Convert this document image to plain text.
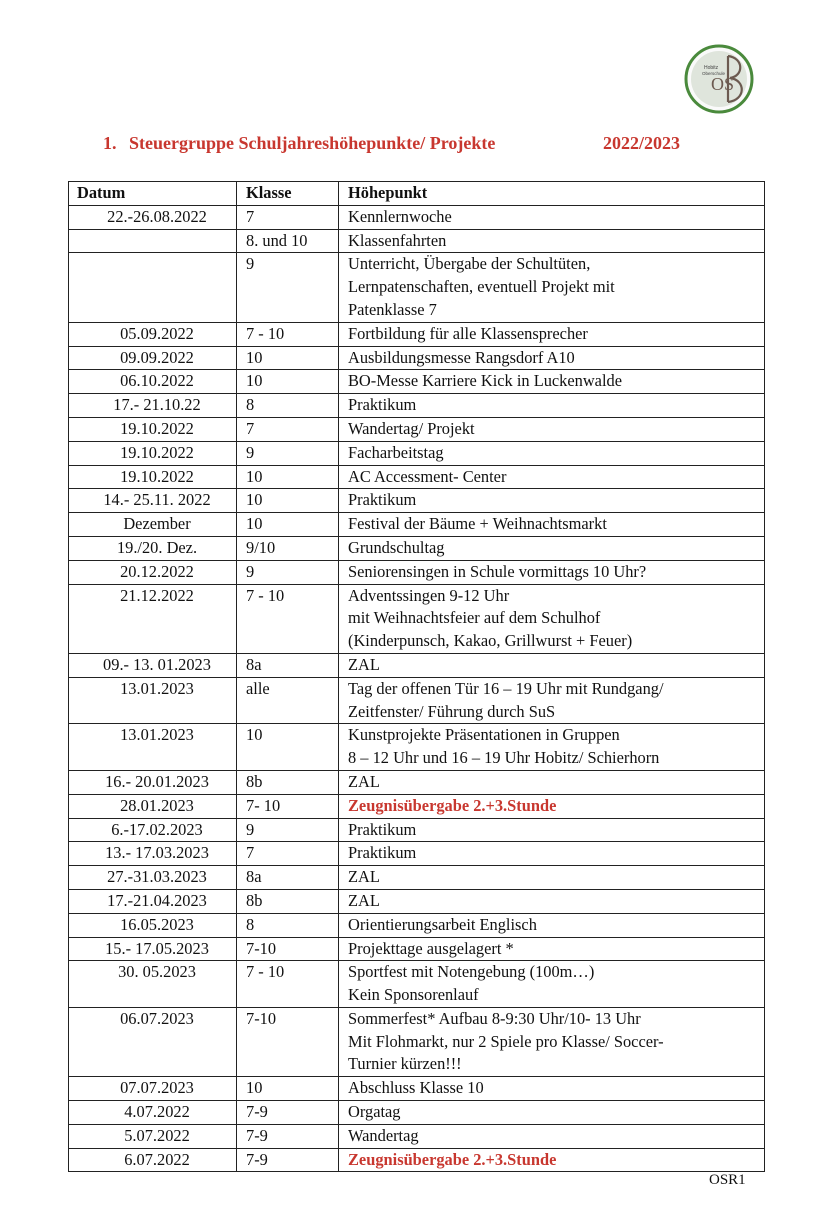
OS
Hobitz
Oberschule
1. Steuergruppe Schuljahreshöhepunkte/ Projekte	2022/2023
Datum	Klasse	Höhepunkt
22.-26.08.2022	7	Kennlernwoche

	8. und 10	Klassenfahrten

	9	Unterricht, Übergabe der Schultüten,
Lernpatenschaften, eventuell Projekt mit
Patenklasse 7

05.09.2022	7 - 10	Fortbildung für alle Klassensprecher

09.09.2022	10	Ausbildungsmesse Rangsdorf A10

06.10.2022	10	BO-Messe Karriere Kick in Luckenwalde

17.- 21.10.22	8	Praktikum

19.10.2022	7	Wandertag/ Projekt

19.10.2022	9	Facharbeitstag

19.10.2022	10	AC Accessment- Center

14.- 25.11. 2022	10	Praktikum

Dezember	10	Festival der Bäume + Weihnachtsmarkt

19./20. Dez.	9/10	Grundschultag

20.12.2022	9	Seniorensingen in Schule vormittags 10 Uhr?

21.12.2022	7 - 10	Adventssingen 9-12 Uhr
mit Weihnachtsfeier auf dem Schulhof
(Kinderpunsch, Kakao, Grillwurst + Feuer)

09.- 13. 01.2023	8a	ZAL

13.01.2023	alle	Tag der offenen Tür 16 – 19 Uhr mit Rundgang/
Zeitfenster/ Führung durch SuS

13.01.2023	10	Kunstprojekte Präsentationen in Gruppen
8 – 12 Uhr und 16 – 19 Uhr Hobitz/ Schierhorn

16.- 20.01.2023	8b	ZAL

28.01.2023	7- 10	Zeugnisübergabe 2.+3.Stunde

6.-17.02.2023	9	Praktikum

13.- 17.03.2023	7	Praktikum

27.-31.03.2023	8a	ZAL

17.-21.04.2023	8b	ZAL

16.05.2023	8	Orientierungsarbeit Englisch

15.- 17.05.2023	7-10	Projekttage ausgelagert *

30. 05.2023	7 - 10	Sportfest mit Notengebung (100m…)
Kein Sponsorenlauf

06.07.2023	7-10	Sommerfest* Aufbau 8-9:30 Uhr/10- 13 Uhr
Mit Flohmarkt, nur 2 Spiele pro Klasse/ Soccer-
Turnier kürzen!!!

07.07.2023	10	Abschluss Klasse 10

4.07.2022	7-9	Orgatag

5.07.2022	7-9	Wandertag

6.07.2022	7-9	Zeugnisübergabe 2.+3.Stunde
OSR1
